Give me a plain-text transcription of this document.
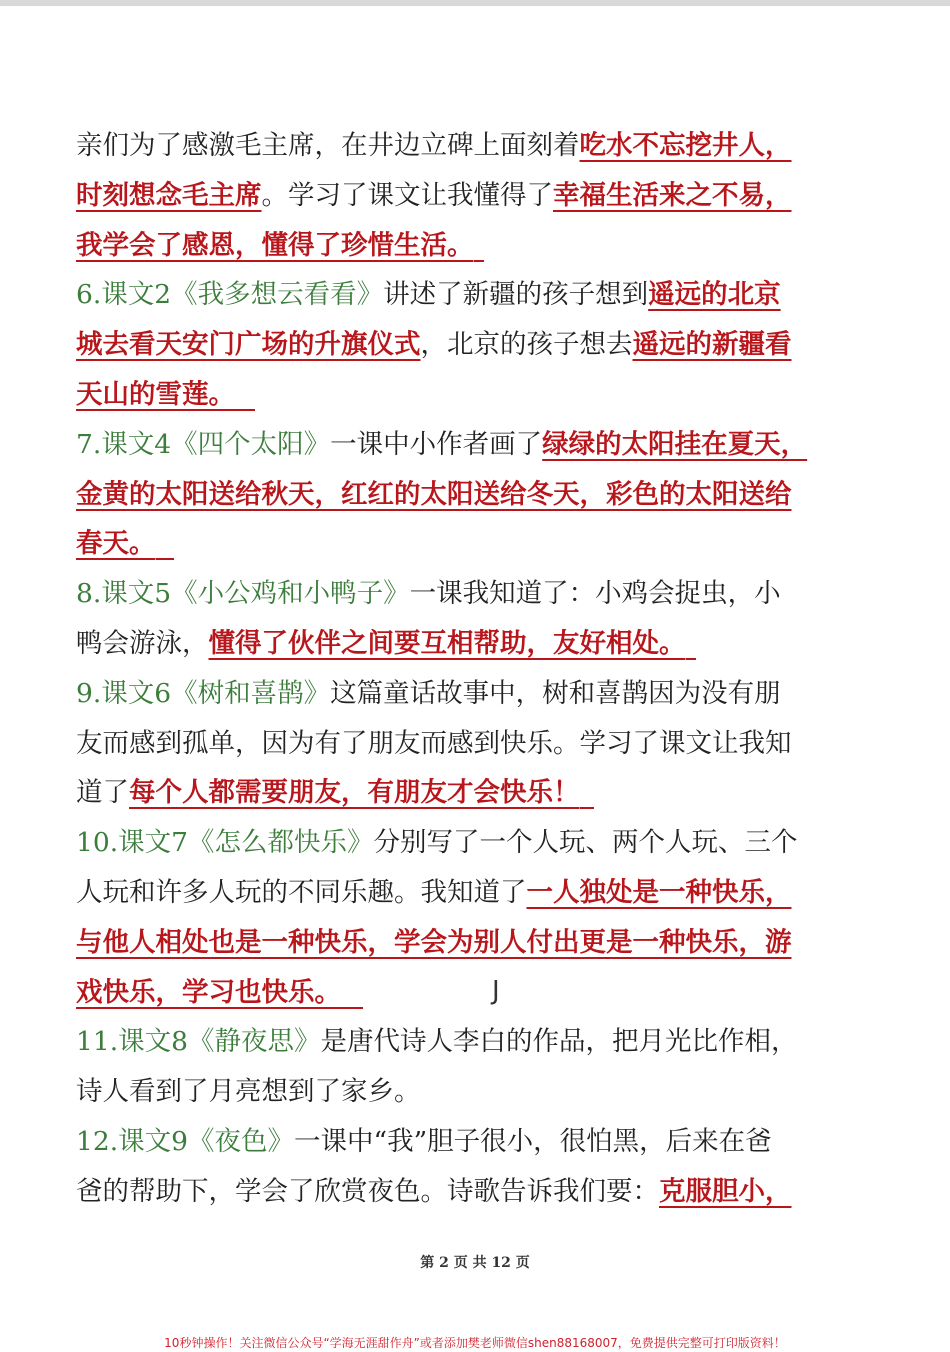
亲们为了感激毛主席，在井边立碑上面刻着吃水不忘挖井人，
时刻想念毛主席。学习了课文让我懂得了幸福生活来之不易，
我学会了感恩，懂得了珍惜生活。
6.课文2《我多想云看看》讲述了新疆的孩子想到遥远的北京
城去看天安门广场的升旗仪式，北京的孩子想去遥远的新疆看
天山的雪莲。
7.课文4《四个太阳》一课中小作者画了绿绿的太阳挂在夏天，
金黄的太阳送给秋天，红红的太阳送给冬天，彩色的太阳送给
春天。
8.课文5《小公鸡和小鸭子》一课我知道了：小鸡会捉虫，小
鸭会游泳，懂得了伙伴之间要互相帮助，友好相处。
9.课文6《树和喜鹊》这篇童话故事中，树和喜鹊因为没有朋
友而感到孤单，因为有了朋友而感到快乐。学习了课文让我知
道了每个人都需要朋友，有朋友才会快乐！
10.课文7《怎么都快乐》分别写了一个人玩、两个人玩、三个
人玩和许多人玩的不同乐趣。我知道了一人独处是一种快乐，
与他人相处也是一种快乐，学会为别人付出更是一种快乐，游
戏快乐，学习也快乐。
11.课文8《静夜思》是唐代诗人李白的作品，把月光比作相，
诗人看到了月亮想到了家乡。
12.课文9《夜色》一课中“我”胆子很小，很怕黑，后来在爸
爸的帮助下，学会了欣赏夜色。诗歌告诉我们要：克服胆小，
J
第 2 页 共 12 页
10秒钟操作！关注微信公众号“学海无涯甜作舟”或者添加樊老师微信shen88168007，免费提供完整可打印版资料！
